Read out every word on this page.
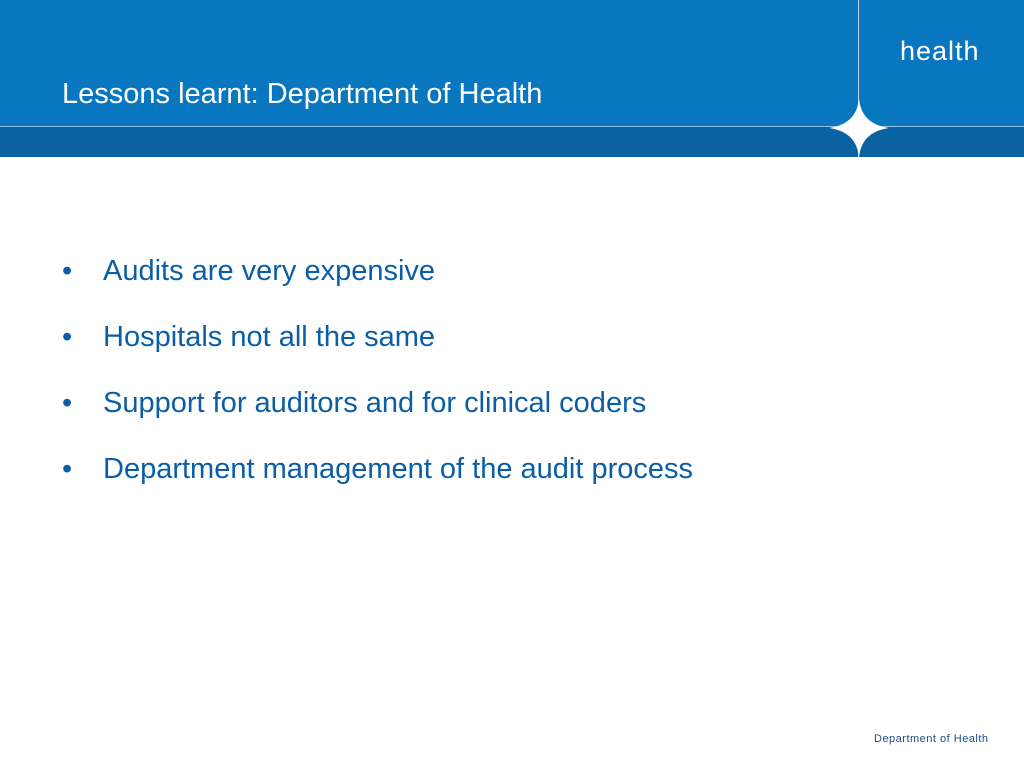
Lessons learnt: Department of Health
health
• Audits are very expensive
• Hospitals not all the same
• Support for auditors and for clinical coders
• Department management of the audit process
Department of Health
